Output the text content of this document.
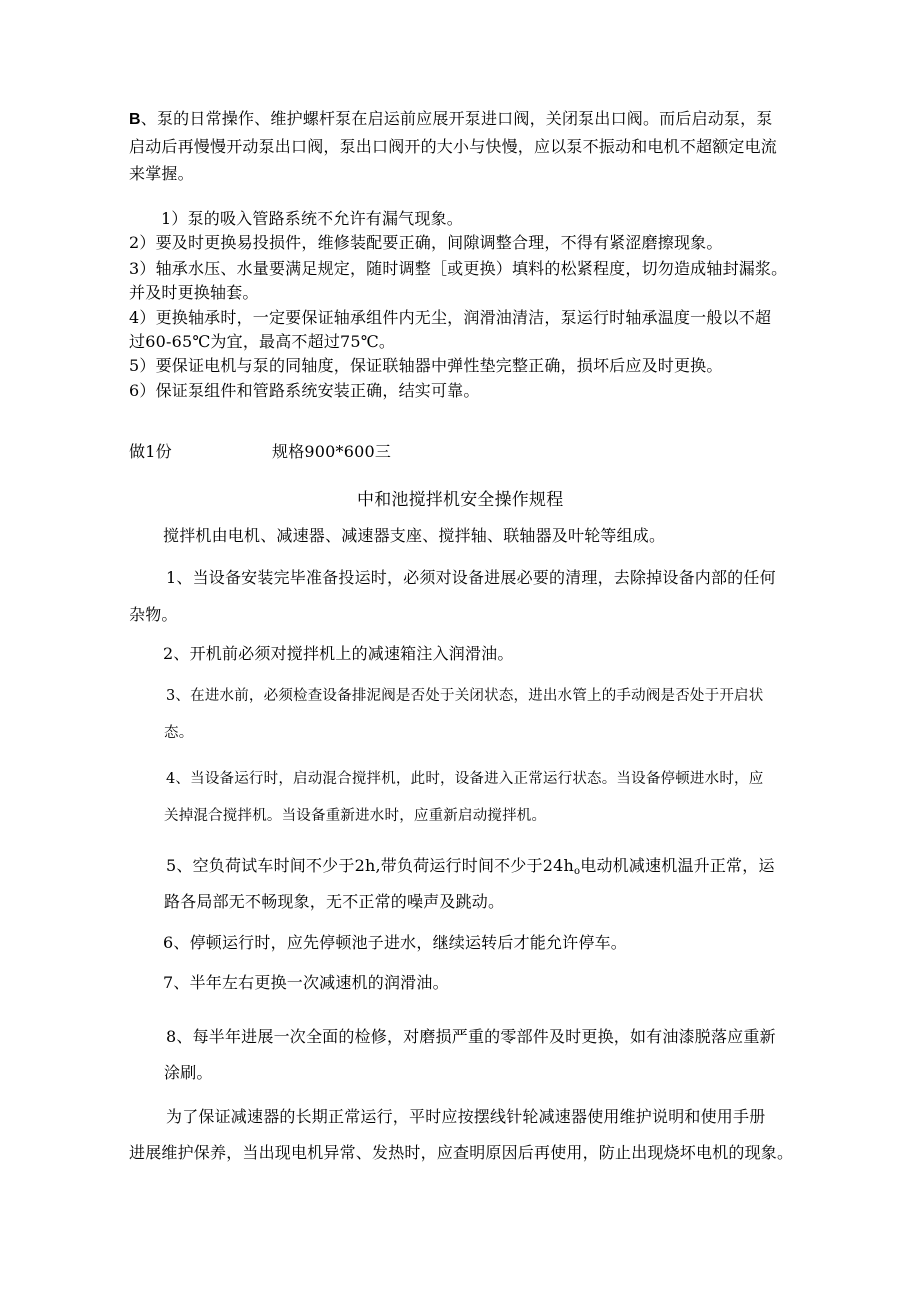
B、泵的日常操作、维护螺杆泵在启运前应展开泵进口阀，关闭泵出口阀。而后启动泵，泵

启动后再慢慢开动泵出口阀，泵出口阀开的大小与快慢，应以泵不振动和电机不超额定电流

来掌握。

1）泵的吸入管路系统不允许有漏气现象。

2）要及时更换易投损件，维修装配要正确，间隙调整合理，不得有紧涩磨擦现象。

3）轴承水压、水量要满足规定，随时调整［或更换）填料的松紧程度，切勿造成轴封漏浆。

并及时更换轴套。

4）更换轴承时，一定要保证轴承组件内无尘，润滑油清洁，泵运行时轴承温度一般以不超

过60-65℃为宜，最高不超过75℃。

5）要保证电机与泵的同轴度，保证联轴器中弹性垫完整正确，损坏后应及时更换。

6）保证泵组件和管路系统安装正确，结实可靠。

做1份	规格900*600三

中和池搅拌机安全操作规程

搅拌机由电机、减速器、减速器支座、搅拌轴、联轴器及叶轮等组成。

1、当设备安装完毕准备投运时，必须对设备进展必要的清理，去除掉设备内部的任何

杂物。

2、开机前必须对搅拌机上的减速箱注入润滑油。

3、在进水前，必须检查设备排泥阀是否处于关闭状态，进出水管上的手动阀是否处于开启状

态。

4、当设备运行时，启动混合搅拌机，此时，设备进入正常运行状态。当设备停顿进水时，应

关掉混合搅拌机。当设备重新进水时，应重新启动搅拌机。

5、空负荷试车时间不少于2h,带负荷运行时间不少于$24h_o$电动机减速机温升正常，运

路各局部无不畅现象，无不正常的噪声及跳动。

6、停顿运行时，应先停顿池子进水，继续运转后才能允许停车。

7、半年左右更换一次减速机的润滑油。

8、每半年进展一次全面的检修，对磨损严重的零部件及时更换，如有油漆脱落应重新

涂刷。

为了保证减速器的长期正常运行，平时应按摆线针轮减速器使用维护说明和使用手册

进展维护保养，当出现电机异常、发热时，应查明原因后再使用，防止出现烧坏电机的现象。
